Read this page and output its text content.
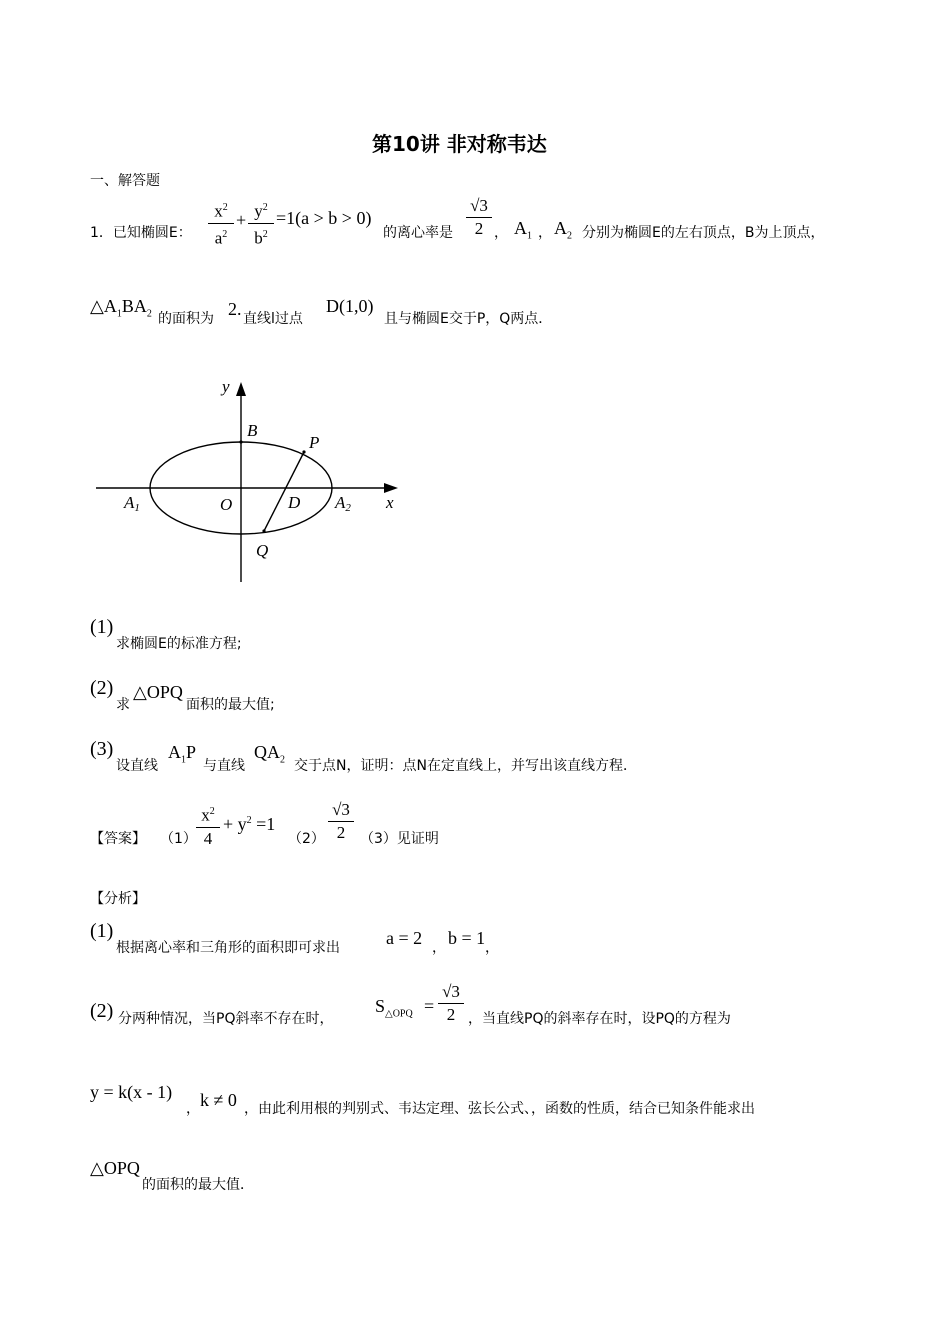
第10讲 非对称韦达
一、解答题
1．已知椭圆E：
$x^2$
$a^2$
+ $y^2$
$b^2$
=1(a > b > 0)
的离心率是
√3
2 ， $A_1$ ， $A_2$ 分别为椭圆E的左右顶点，B为上顶点，
$\triangle A_1BA_2$ 的面积为 2. 直线l过点
D(1,0)
且与椭圆E交于P，Q两点．
y
x
B
P
A1	O	D A2
Q
(1)
求椭圆E的标准方程;
(2)
求
△OPQ
面积的最大值;
(3)
设直线
$A_1P$
与直线
$QA_2$ 交于点N，证明：点N在定直线上，并写出该直线方程．
【答案】 （1）
$x^2$
4
+ $y^2 =1$
（2）
√3
2	（3）见证明
【分析】
(1)
根据离心率和三角形的面积即可求出	a = 2 ， b = 1 ，
(2) 分两种情况，当PQ斜率不存在时，
$S_{\triangle OPQ}$ =
√3
2 ，当直线PQ的斜率存在时，设PQ的方程为
y = k(x - 1)
， k ≠ 0 ，由此利用根的判别式、韦达定理、弦长公式、，函数的性质，结合已知条件能求出
△OPQ
的面积的最大值．
